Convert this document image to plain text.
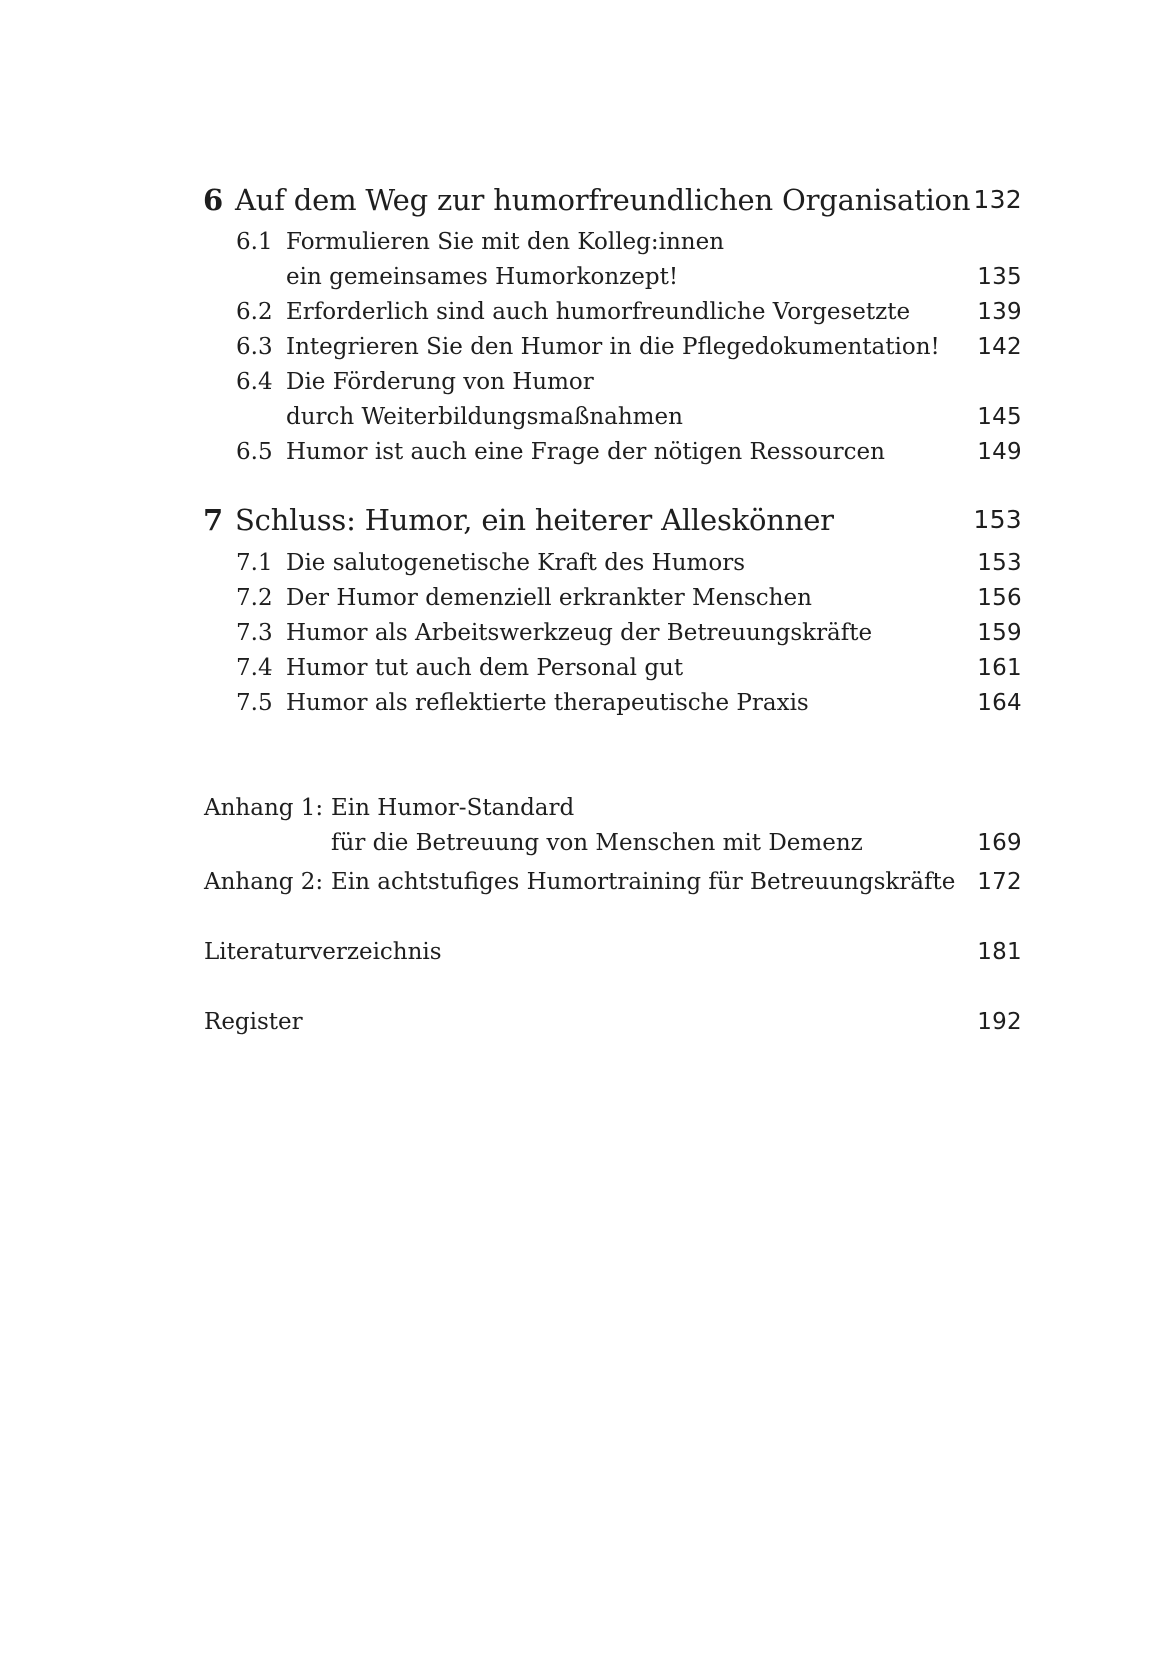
6 Auf dem Weg zur humorfreundlichen Organisation 132
6.1 Formulieren Sie mit den Kolleg:innen
ein gemeinsames Humorkonzept!	135
6.2 Erforderlich sind auch humorfreundliche Vorgesetzte	139
6.3 Integrieren Sie den Humor in die Pflegedokumentation! 142
6.4 Die Förderung von Humor
durch Weiterbildungsmaßnahmen	145
6.5 Humor ist auch eine Frage der nötigen Ressourcen	149
7 Schluss: Humor, ein heiterer Alleskönner	153
7.1 Die salutogenetische Kraft des Humors	153
7.2 Der Humor demenziell erkrankter Menschen	156
7.3 Humor als Arbeitswerkzeug der Betreuungskräfte	159
7.4 Humor tut auch dem Personal gut	161
7.5 Humor als reflektierte therapeutische Praxis	164
Anhang 1: Ein Humor-Standard
für die Betreuung von Menschen mit Demenz	169
Anhang 2: Ein achtstufiges Humortraining für Betreuungskräfte 172
Literaturverzeichnis	181
Register	192
